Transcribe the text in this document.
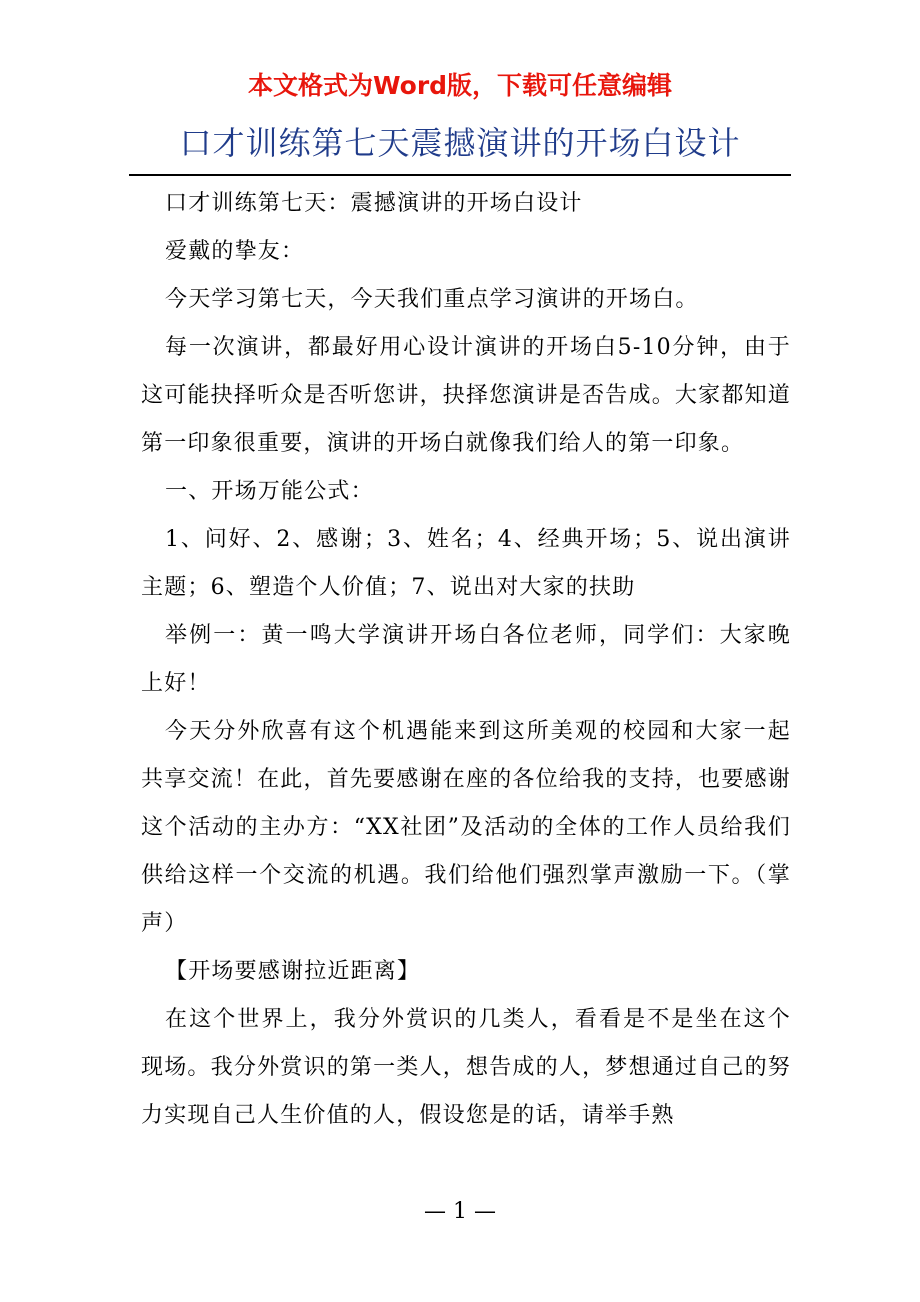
本文格式为Word版，下载可任意编辑
口才训练第七天震撼演讲的开场白设计

口才训练第七天：震撼演讲的开场白设计

爱戴的挚友：

今天学习第七天，今天我们重点学习演讲的开场白。

每一次演讲，都最好用心设计演讲的开场白5-10分钟，由于这可能抉择听众是否听您讲，抉择您演讲是否告成。大家都知道第一印象很重要，演讲的开场白就像我们给人的第一印象。

一、开场万能公式：

1、问好、2、感谢；3、姓名；4、经典开场；5、说出演讲主题；6、塑造个人价值；7、说出对大家的扶助

举例一：黄一鸣大学演讲开场白各位老师，同学们：大家晚上好！

今天分外欣喜有这个机遇能来到这所美观的校园和大家一起共享交流！在此，首先要感谢在座的各位给我的支持，也要感谢这个活动的主办方：“XX社团”及活动的全体的工作人员给我们供给这样一个交流的机遇。我们给他们强烈掌声激励一下。（掌声）

【开场要感谢拉近距离】

在这个世界上，我分外赏识的几类人，看看是不是坐在这个现场。我分外赏识的第一类人，想告成的人，梦想通过自己的努力实现自己人生价值的人，假设您是的话，请举手熟

— 1 —
